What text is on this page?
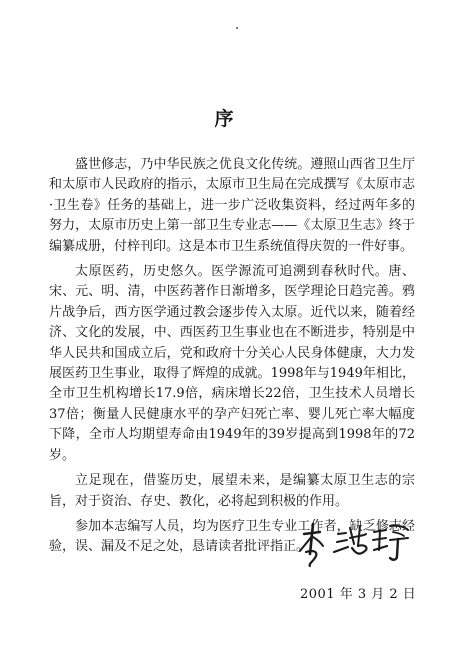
序

盛世修志，乃中华民族之优良文化传统。遵照山西省卫生厅和太原市人民政府的指示，太原市卫生局在完成撰写《太原市志·卫生卷》任务的基础上，进一步广泛收集资料，经过两年多的努力，太原市历史上第一部卫生专业志——《太原卫生志》终于编纂成册，付梓刊印。这是本市卫生系统值得庆贺的一件好事。

太原医药，历史悠久。医学源流可追溯到春秋时代。唐、宋、元、明、清，中医药著作日渐增多，医学理论日趋完善。鸦片战争后，西方医学通过教会逐步传入太原。近代以来，随着经济、文化的发展，中、西医药卫生事业也在不断进步，特别是中华人民共和国成立后，党和政府十分关心人民身体健康，大力发展医药卫生事业，取得了辉煌的成就。1998年与1949年相比，全市卫生机构增长17.9倍，病床增长22倍，卫生技术人员增长37倍；衡量人民健康水平的孕产妇死亡率、婴儿死亡率大幅度下降，全市人均期望寿命由1949年的39岁提高到1998年的72岁。

立足现在，借鉴历史，展望未来，是编纂太原卫生志的宗旨，对于资治、存史、教化，必将起到积极的作用。

参加本志编写人员，均为医疗卫生专业工作者，缺乏修志经验，误、漏及不足之处，恳请读者批评指正。

2001 年 3 月 2 日
